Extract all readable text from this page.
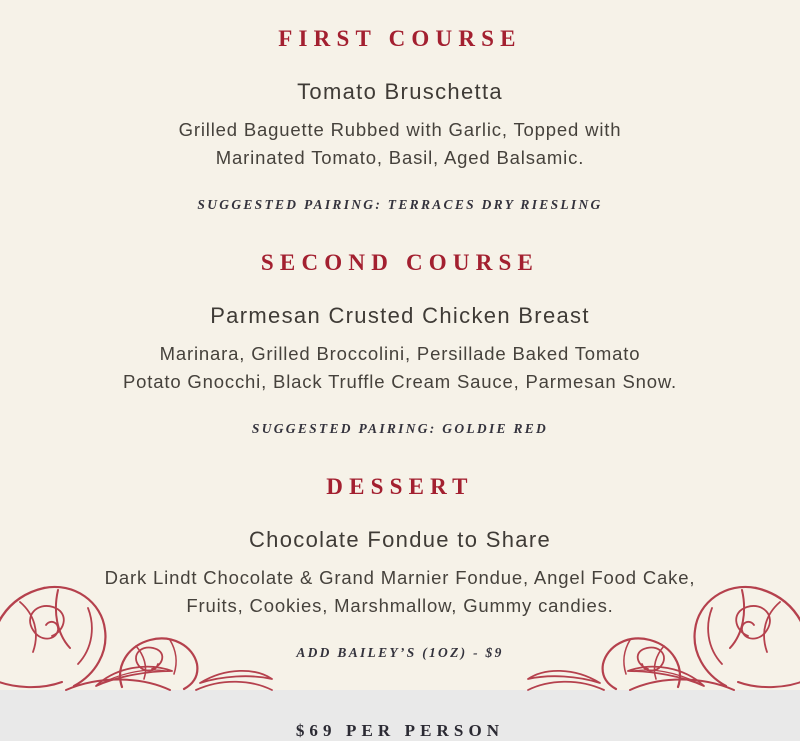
FIRST COURSE
Tomato Bruschetta

Grilled Baguette Rubbed with Garlic, Topped with
Marinated Tomato, Basil, Aged Balsamic.

SUGGESTED PAIRING: TERRACES DRY RIESLING

SECOND COURSE
Parmesan Crusted Chicken Breast

Marinara, Grilled Broccolini, Persillade Baked Tomato
Potato Gnocchi, Black Truffle Cream Sauce, Parmesan Snow.

SUGGESTED PAIRING: GOLDIE RED

DESSERT
Chocolate Fondue to Share

Dark Lindt Chocolate & Grand Marnier Fondue, Angel Food Cake,
Fruits, Cookies, Marshmallow, Gummy candies.

ADD BAILEY’S (1OZ) - $9

$69 PER PERSON
